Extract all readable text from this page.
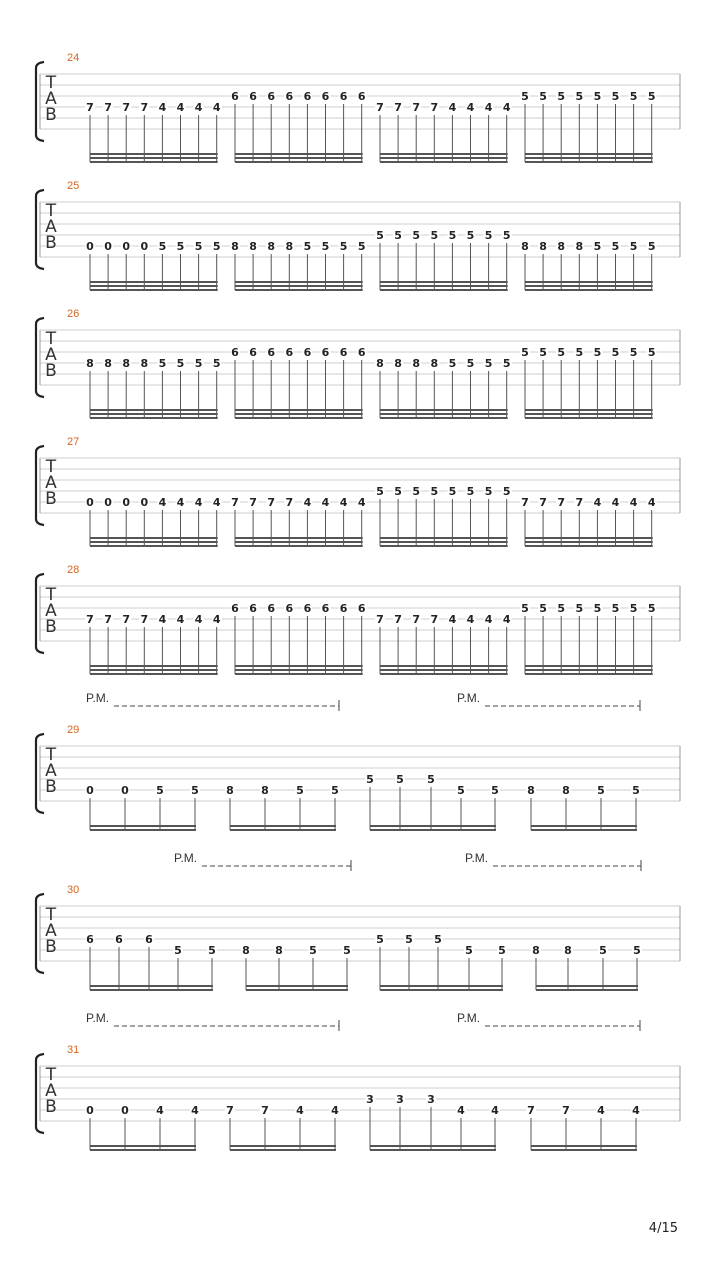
T
A
B
24
7 7 7 7 4 4 4 4
6 6 6 6 6 6 6 6
7 7 7 7 4 4 4 4
5 5 5 5 5 5 5 5
T
A
B
25
0 0 0 0 5 5 5 5 8 8 8 8 5 5 5 5
5 5 5 5 5 5 5 5
8 8 8 8 5 5 5 5
T
A
B
26
8 8 8 8 5 5 5 5
6 6 6 6 6 6 6 6
8 8 8 8 5 5 5 5
5 5 5 5 5 5 5 5
T
A
B
27
0 0 0 0 4 4 4 4 7 7 7 7 4 4 4 4
5 5 5 5 5 5 5 5
7 7 7 7 4 4 4 4
T
A
B
28
7 7 7 7 4 4 4 4
6 6 6 6 6 6 6 6
7 7 7 7 4 4 4 4
5 5 5 5 5 5 5 5
T
A
B
29
P.M.	P.M.
0 0 5 5 8 8 5 5
5 5 5
5 5	8 8 5 5
T
A
B
30
P.M.	P.M.
6 6 6
5 5 8 8 5 5
5 5 5
5 5 8 8 5 5
T
A
B
31
P.M.	P.M.
0 0 4 4 7 7 4 4
3 3 3
4 4	7 7 4 4
4/15
